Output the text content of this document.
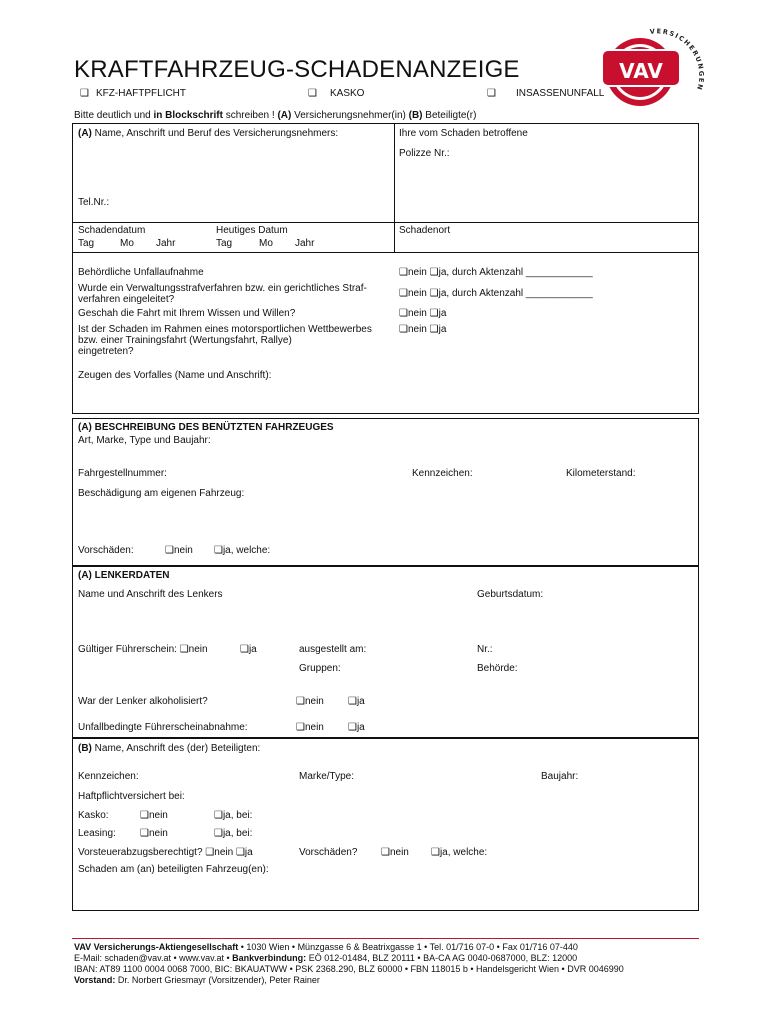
KRAFTFAHRZEUG-SCHADENANZEIGE	VAV
VERSICHERUNGEN
❑ KFZ-HAFTPFLICHT	❑ KASKO	❑ INSASSENUNFALL
Bitte deutlich und in Blockschrift schreiben ! (A) Versicherungsnehmer(in) (B) Beteiligte(r)
(A) Name, Anschrift und Beruf des Versicherungsnehmers:	Ihre vom Schaden betroffene
Polizze Nr.:
Tel.Nr.:
Schadendatum	Heutiges Datum	Schadenort
Tag	Mo Jahr	Tag	Mo Jahr
Behördliche Unfallaufnahme	❑nein ❑ja, durch Aktenzahl ____________
Wurde ein Verwaltungsstrafverfahren bzw. ein gerichtliches Straf-
verfahren eingeleitet?
❑nein ❑ja, durch Aktenzahl ____________
Geschah die Fahrt mit Ihrem Wissen und Willen?	❑nein ❑ja
Ist der Schaden im Rahmen eines motorsportlichen Wettbewerbes
bzw. einer Trainingsfahrt (Wertungsfahrt, Rallye)
eingetreten?
❑nein ❑ja
Zeugen des Vorfalles (Name und Anschrift):
(A) BESCHREIBUNG DES BENÜTZTEN FAHRZEUGES
Art, Marke, Type und Baujahr:
Fahrgestellnummer:	Kennzeichen:	Kilometerstand:
Beschädigung am eigenen Fahrzeug:
Vorschäden:	❑nein ❑ja, welche:
(A) LENKERDATEN
Name und Anschrift des Lenkers	Geburtsdatum:
Gültiger Führerschein: ❑nein	❑ja	ausgestellt am:	Nr.:
Gruppen:	Behörde:
War der Lenker alkoholisiert?	❑nein ❑ja
Unfallbedingte Führerscheinabnahme:	❑nein ❑ja
(B) Name, Anschrift des (der) Beteiligten:
Kennzeichen:	Marke/Type:	Baujahr:
Haftpflichtversichert bei:
Kasko:	❑nein	❑ja, bei:
Leasing: ❑nein	❑ja, bei:
Vorsteuerabzugsberechtigt? ❑nein ❑ja	Vorschäden? ❑nein ❑ja, welche:
Schaden am (an) beteiligten Fahrzeug(en):
VAV Versicherungs-Aktiengesellschaft • 1030 Wien • Münzgasse 6 & Beatrixgasse 1 • Tel. 01/716 07-0 • Fax 01/716 07-440
E-Mail: schaden@vav.at • www.vav.at • Bankverbindung: EÖ 012-01484, BLZ 20111 • BA-CA AG 0040-0687000, BLZ: 12000
IBAN: AT89 1100 0004 0068 7000, BIC: BKAUATWW • PSK 2368.290, BLZ 60000 • FBN 118015 b • Handelsgericht Wien • DVR 0046990
Vorstand: Dr. Norbert Griesmayr (Vorsitzender), Peter Rainer
